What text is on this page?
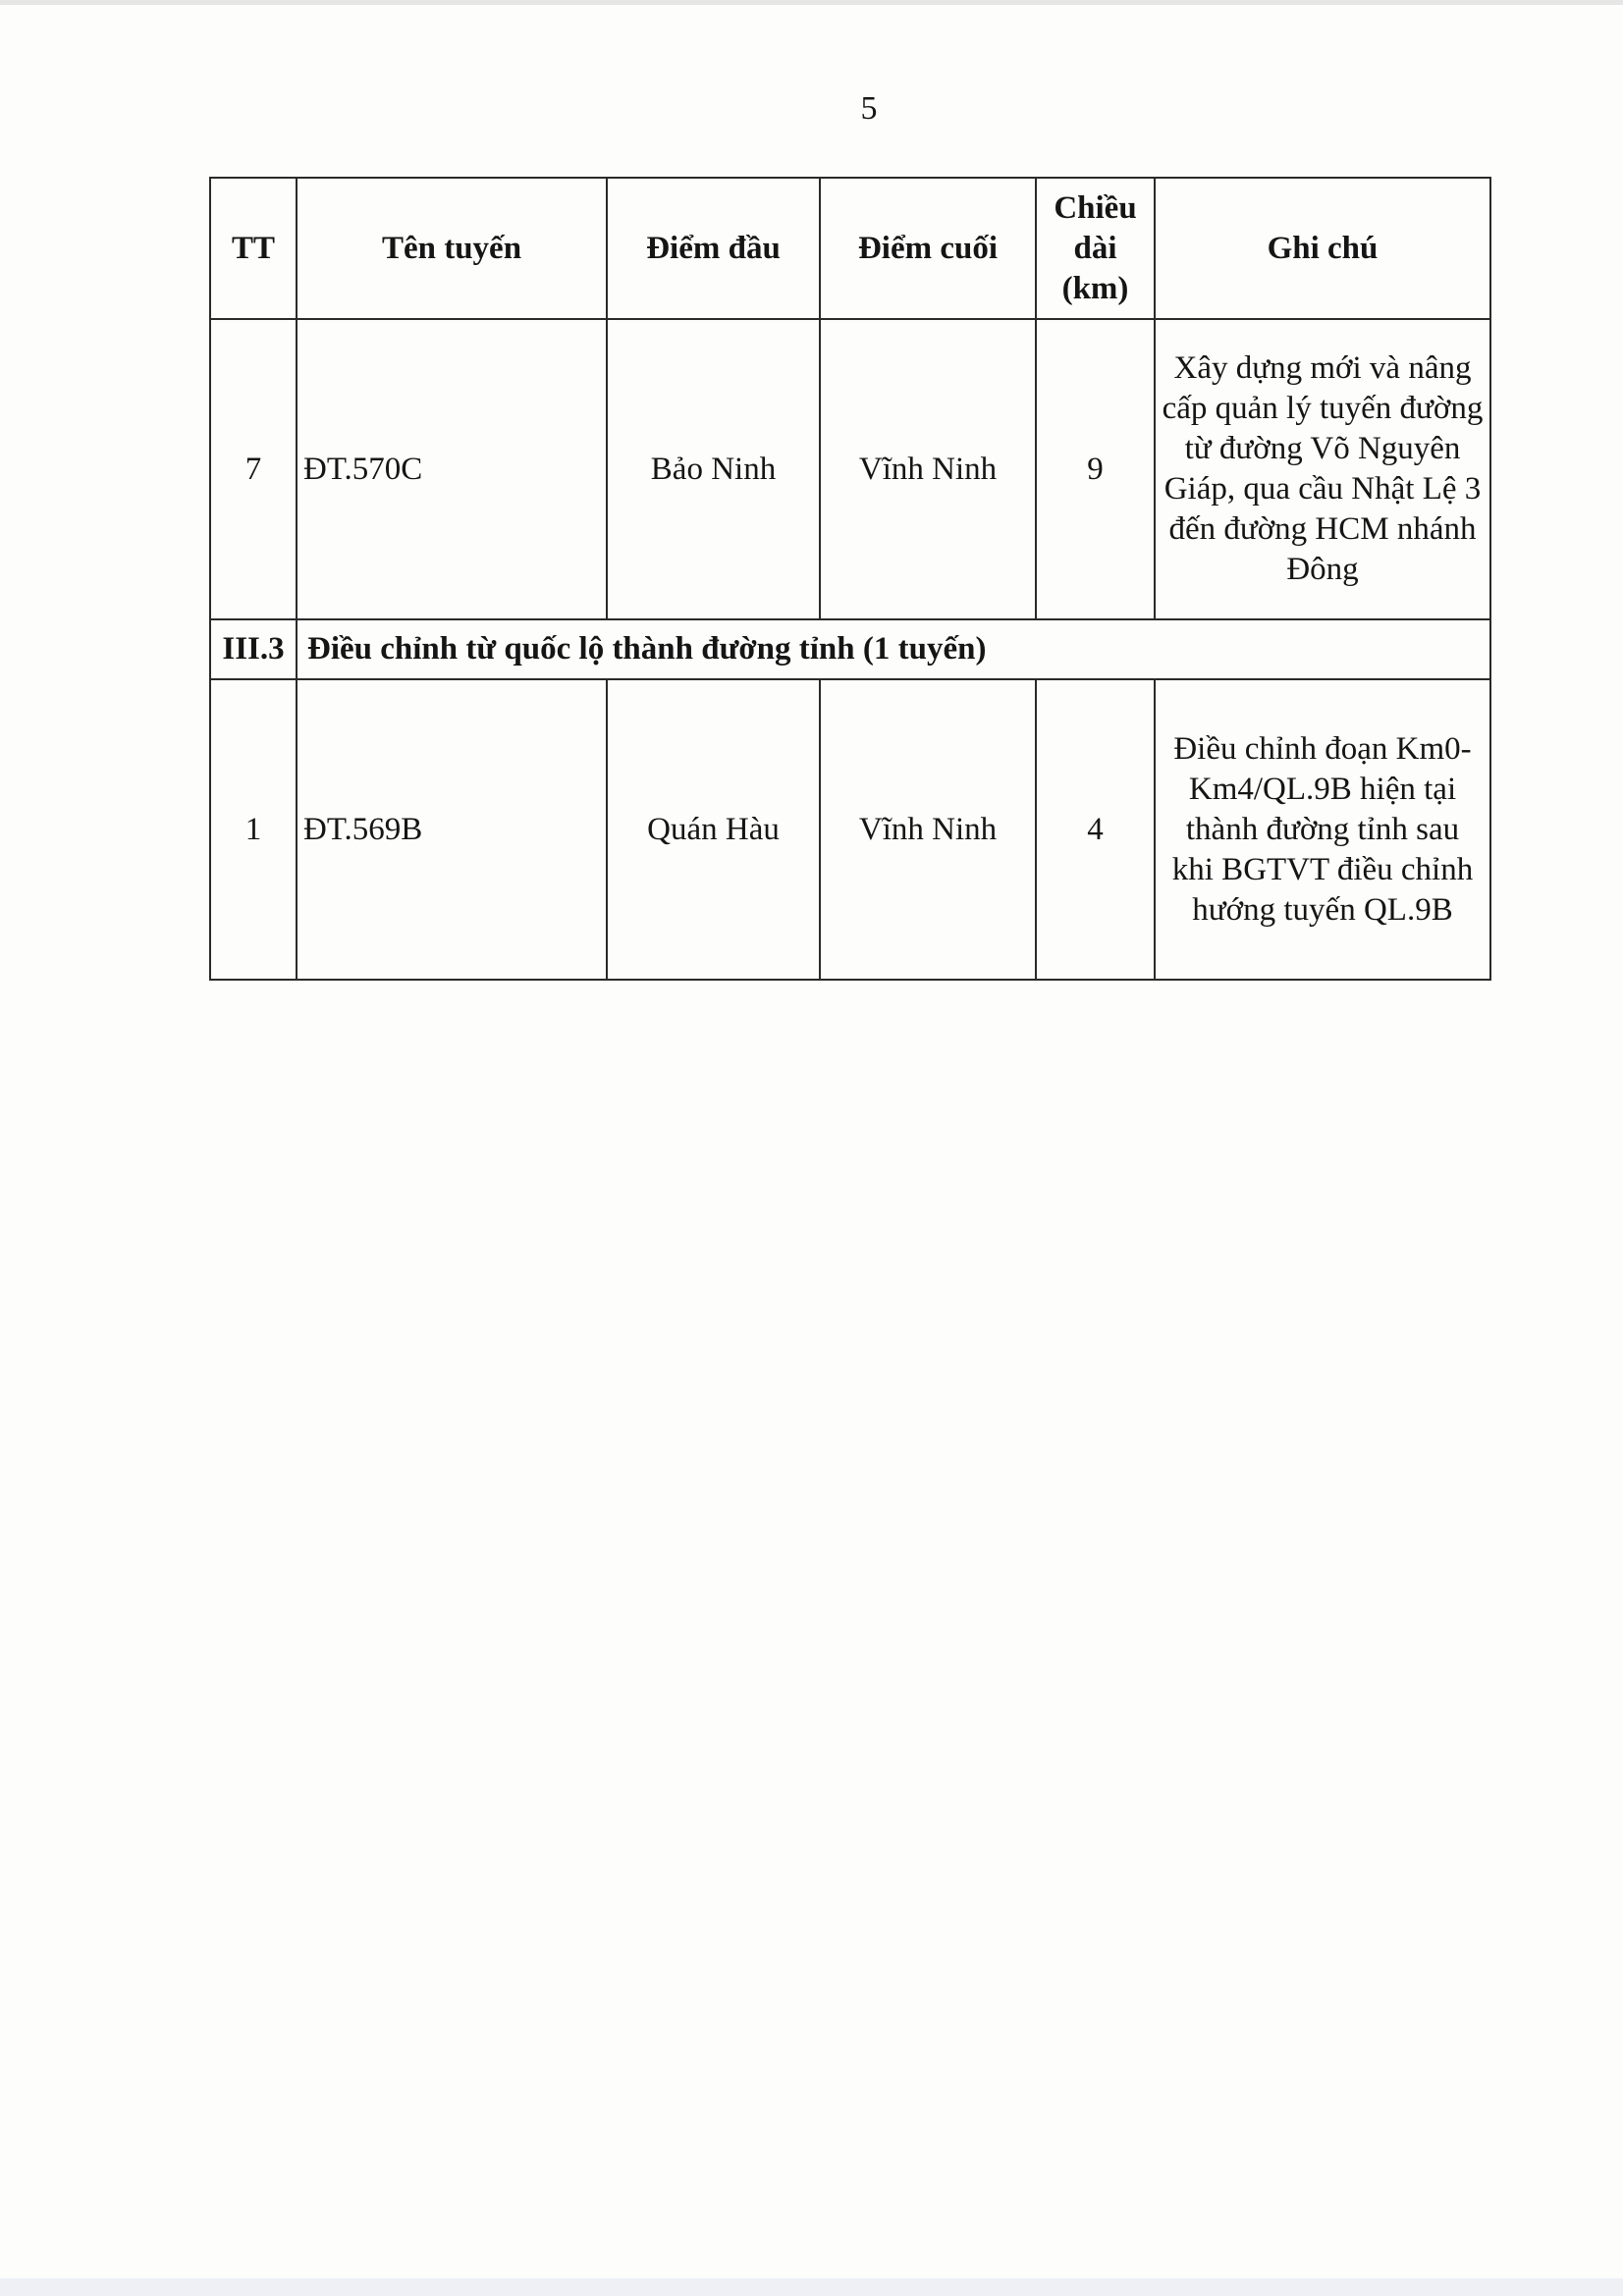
5
TT	Tên tuyến	Điểm đầu	Điểm cuối	Chiều dài (km)	Ghi chú
7	ĐT.570C	Bảo Ninh	Vĩnh Ninh	9	Xây dựng mới và nâng cấp quản lý tuyến đường từ đường Võ Nguyên Giáp, qua cầu Nhật Lệ 3 đến đường HCM nhánh Đông
III.3	Điều chỉnh từ quốc lộ thành đường tỉnh (1 tuyến)				
1	ĐT.569B	Quán Hàu	Vĩnh Ninh	4	Điều chỉnh đoạn Km0-Km4/QL.9B hiện tại thành đường tỉnh sau khi BGTVT điều chỉnh hướng tuyến QL.9B
